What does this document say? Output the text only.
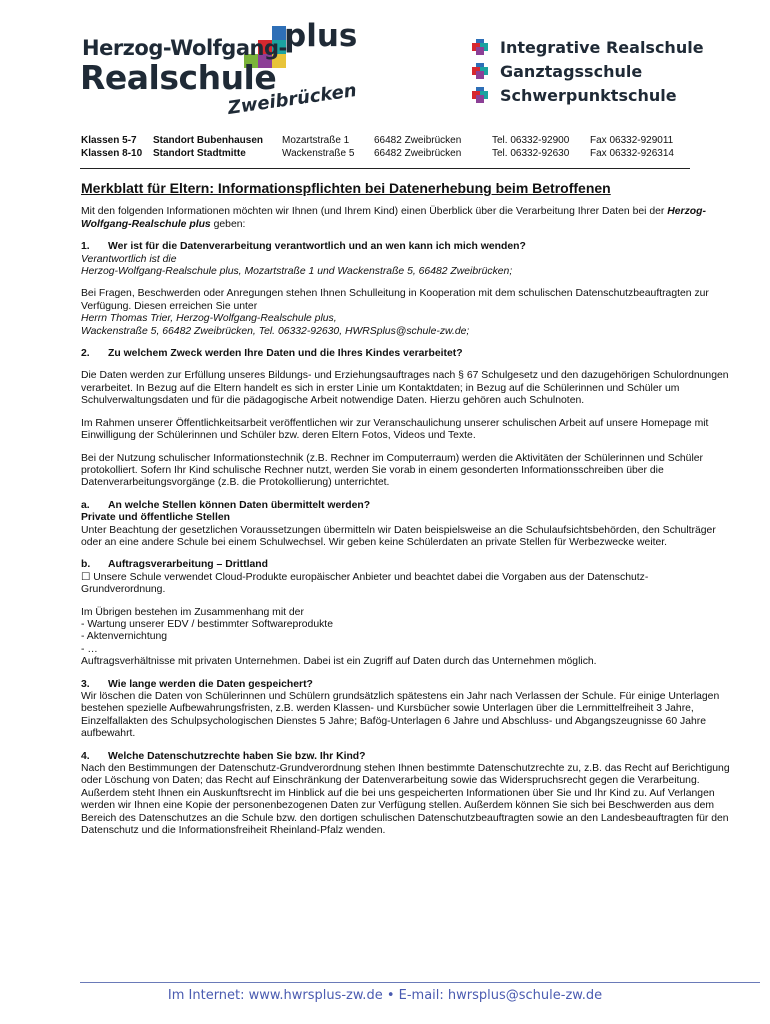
Herzog-Wolfgang-
plus
Realschule
Zweibrücken
Integrative Realschule
Ganztagsschule
Schwerpunktschule
Klassen 5-7 Standort Bubenhausen Mozartstraße 1 66482 Zweibrücken	Tel. 06332-92900 Fax 06332-929011
Klassen 8-10 Standort Stadtmitte	Wackenstraße 5 66482 Zweibrücken	Tel. 06332-92630 Fax 06332-926314
Merkblatt für Eltern: Informationspflichten bei Datenerhebung beim Betroffenen

Mit den folgenden Informationen möchten wir Ihnen (und Ihrem Kind) einen Überblick über die Verarbeitung Ihrer Daten bei der Herzog-Wolfgang-Realschule plus geben:

1. Wer ist für die Datenverarbeitung verantwortlich und an wen kann ich mich wenden?
Verantwortlich ist die
Herzog-Wolfgang-Realschule plus, Mozartstraße 1 und Wackenstraße 5, 66482 Zweibrücken;
Bei Fragen, Beschwerden oder Anregungen stehen Ihnen Schulleitung in Kooperation mit dem schulischen Datenschutzbeauftragten zur Verfügung. Diesen erreichen Sie unter
Herrn Thomas Trier, Herzog-Wolfgang-Realschule plus,
Wackenstraße 5, 66482 Zweibrücken, Tel. 06332-92630, HWRSplus@schule-zw.de;
2. Zu welchem Zweck werden Ihre Daten und die Ihres Kindes verarbeitet?

Die Daten werden zur Erfüllung unseres Bildungs- und Erziehungsauftrages nach § 67 Schulgesetz und den dazugehörigen Schulordnungen verarbeitet. In Bezug auf die Eltern handelt es sich in erster Linie um Kontaktdaten; in Bezug auf die Schülerinnen und Schüler um Schulverwaltungsdaten und für die pädagogische Arbeit notwendige Daten. Hierzu gehören auch Schulnoten.

Im Rahmen unserer Öffentlichkeitsarbeit veröffentlichen wir zur Veranschaulichung unserer schulischen Arbeit auf unsere Homepage mit Einwilligung der Schülerinnen und Schüler bzw. deren Eltern Fotos, Videos und Texte.

Bei der Nutzung schulischer Informationstechnik (z.B. Rechner im Computerraum) werden die Aktivitäten der Schülerinnen und Schüler protokolliert. Sofern Ihr Kind schulische Rechner nutzt, werden Sie vorab in einem gesonderten Informationsschreiben über die Datenverarbeitungsvorgänge (z.B. die Protokollierung) unterrichtet.

a. An welche Stellen können Daten übermittelt werden?
Private und öffentliche Stellen
Unter Beachtung der gesetzlichen Voraussetzungen übermitteln wir Daten beispielsweise an die Schulaufsichtsbehörden, den Schulträger oder an eine andere Schule bei einem Schulwechsel. Wir geben keine Schülerdaten an private Stellen für Werbezwecke weiter.
b. Auftragsverarbeitung – Drittland
☐ Unsere Schule verwendet Cloud-Produkte europäischer Anbieter und beachtet dabei die Vorgaben aus der Datenschutz-Grundverordnung.
Im Übrigen bestehen im Zusammenhang mit der
- Wartung unserer EDV / bestimmter Softwareprodukte
- Aktenvernichtung
- …
Auftragsverhältnisse mit privaten Unternehmen. Dabei ist ein Zugriff auf Daten durch das Unternehmen möglich.
3. Wie lange werden die Daten gespeichert?
Wir löschen die Daten von Schülerinnen und Schülern grundsätzlich spätestens ein Jahr nach Verlassen der Schule. Für einige Unterlagen bestehen spezielle Aufbewahrungsfristen, z.B. werden Klassen- und Kursbücher sowie Unterlagen über die Lernmittelfreiheit 3 Jahre, Einzelfallakten des Schulpsychologischen Dienstes 5 Jahre; Bafög-Unterlagen 6 Jahre und Abschluss- und Abgangszeugnisse 60 Jahre aufbewahrt.
4. Welche Datenschutzrechte haben Sie bzw. Ihr Kind?
Nach den Bestimmungen der Datenschutz-Grundverordnung stehen Ihnen bestimmte Datenschutzrechte zu, z.B. das Recht auf Berichtigung oder Löschung von Daten; das Recht auf Einschränkung der Datenverarbeitung sowie das Widerspruchsrecht gegen die Verarbeitung. Außerdem steht Ihnen ein Auskunftsrecht im Hinblick auf die bei uns gespeicherten Informationen über Sie und Ihr Kind zu. Auf Verlangen werden wir Ihnen eine Kopie der personenbezogenen Daten zur Verfügung stellen. Außerdem können Sie sich bei Beschwerden aus dem Bereich des Datenschutzes an die Schule bzw. den dortigen schulischen Datenschutzbeauftragten sowie an den Landesbeauftragten für den Datenschutz und die Informationsfreiheit Rheinland-Pfalz wenden.
Im Internet: www.hwrsplus-zw.de • E-mail: hwrsplus@schule-zw.de
